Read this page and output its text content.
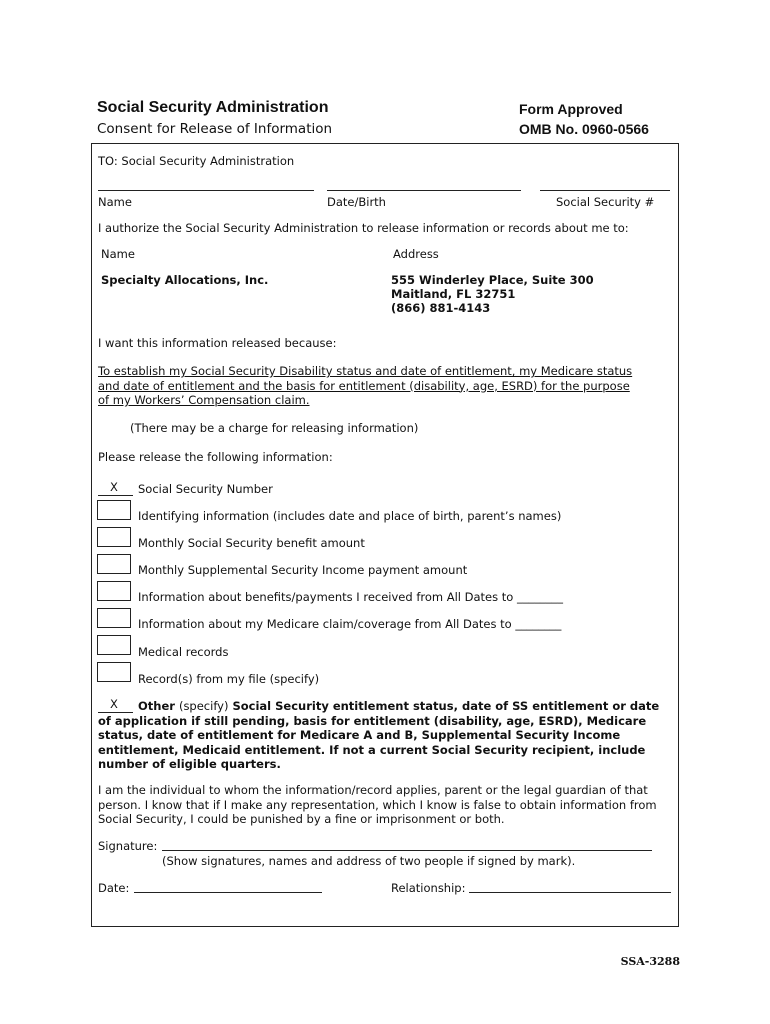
Social Security Administration
Consent for Release of Information
Form Approved
OMB No. 0960-0566
TO: Social Security Administration
Name	Date/Birth	Social Security #
I authorize the Social Security Administration to release information or records about me to:
Name	Address
Specialty Allocations, Inc.	555 Winderley Place, Suite 300
Maitland, FL 32751
(866) 881-4143
I want this information released because:
To establish my Social Security Disability status and date of entitlement, my Medicare status and date of entitlement and the basis for entitlement (disability, age, ESRD) for the purpose of my Workers’ Compensation claim.
(There may be a charge for releasing information)
Please release the following information:
X Social Security Number
Identifying information (includes date and place of birth, parent’s names)
Monthly Social Security benefit amount
Monthly Supplemental Security Income payment amount
Information about benefits/payments I received from All Dates to ________
Information about my Medicare claim/coverage from All Dates to ________
Medical records
Record(s) from my file (specify)
X	Other (specify) Social Security entitlement status, date of SS entitlement or date of application if still pending, basis for entitlement (disability, age, ESRD), Medicare status, date of entitlement for Medicare A and B, Supplemental Security Income entitlement, Medicaid entitlement. If not a current Social Security recipient, include number of eligible quarters.
I am the individual to whom the information/record applies, parent or the legal guardian of that person. I know that if I make any representation, which I know is false to obtain information from Social Security, I could be punished by a fine or imprisonment or both.
Signature:
(Show signatures, names and address of two people if signed by mark).
Date:	Relationship:
SSA-3288
